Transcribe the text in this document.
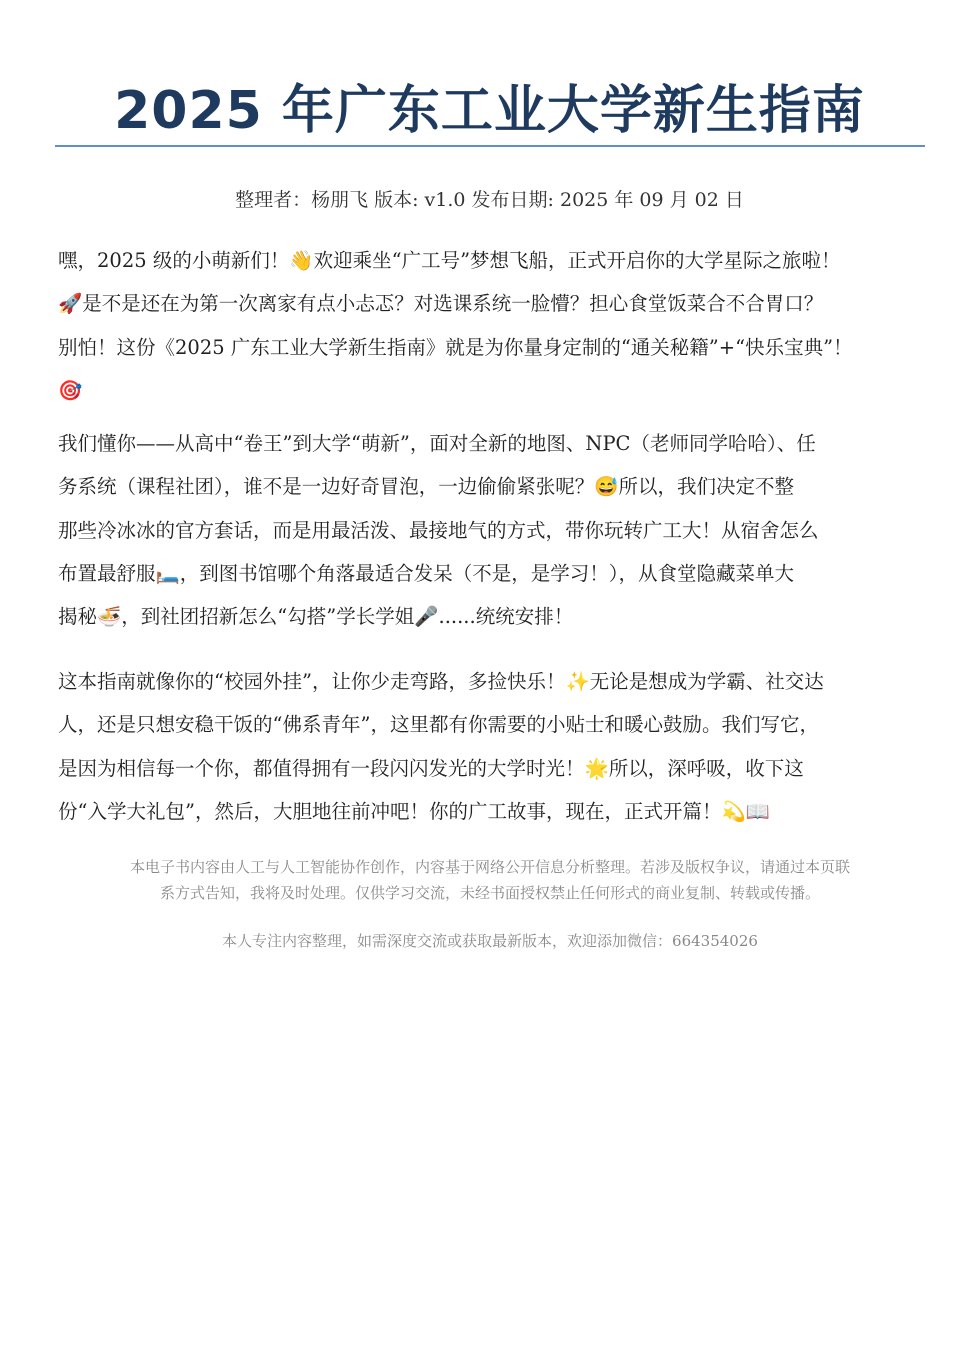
2025 年广东工业大学新生指南
整理者：杨朋飞 版本: v1.0 发布日期: 2025 年 09 月 02 日
嘿，2025 级的小萌新们！👋欢迎乘坐“广工号”梦想飞船，正式开启你的大学星际之旅啦！
🚀是不是还在为第一次离家有点小忐忑？对选课系统一脸懵？担心食堂饭菜合不合胃口？
别怕！这份《2025 广东工业大学新生指南》就是为你量身定制的“通关秘籍”+“快乐宝典”！
🎯
我们懂你——从高中“卷王”到大学“萌新”，面对全新的地图、NPC（老师同学哈哈）、任
务系统（课程社团），谁不是一边好奇冒泡，一边偷偷紧张呢？😅所以，我们决定不整
那些冷冰冰的官方套话，而是用最活泼、最接地气的方式，带你玩转广工大！从宿舍怎么
布置最舒服🛏️，到图书馆哪个角落最适合发呆（不是，是学习！），从食堂隐藏菜单大
揭秘🍜，到社团招新怎么“勾搭”学长学姐🎤......统统安排！
这本指南就像你的“校园外挂”，让你少走弯路，多捡快乐！✨无论是想成为学霸、社交达
人，还是只想安稳干饭的“佛系青年”，这里都有你需要的小贴士和暖心鼓励。我们写它，
是因为相信每一个你，都值得拥有一段闪闪发光的大学时光！🌟所以，深呼吸，收下这
份“入学大礼包”，然后，大胆地往前冲吧！你的广工故事，现在，正式开篇！💫📖
本电子书内容由人工与人工智能协作创作，内容基于网络公开信息分析整理。若涉及版权争议，请通过本页联
系方式告知，我将及时处理。仅供学习交流，未经书面授权禁止任何形式的商业复制、转载或传播。
本人专注内容整理，如需深度交流或获取最新版本，欢迎添加微信：664354026
